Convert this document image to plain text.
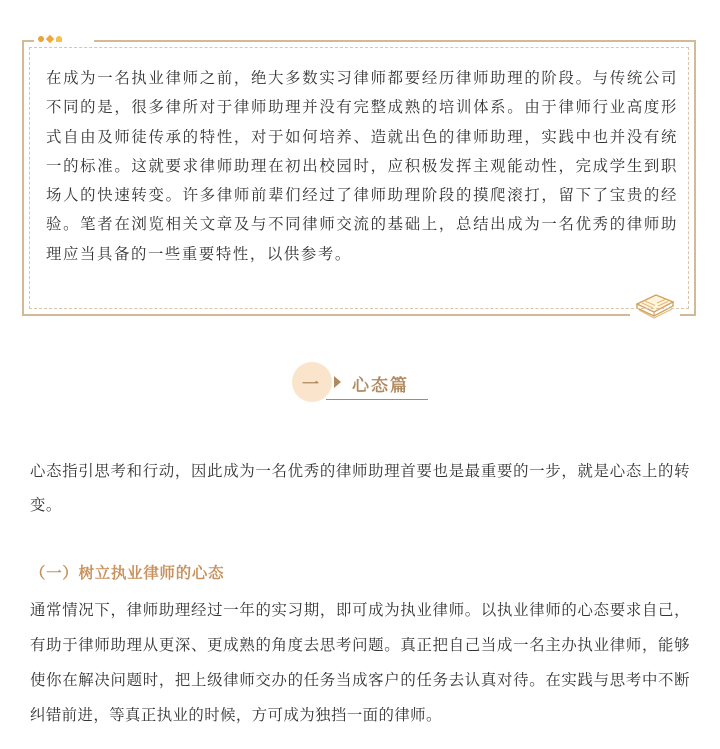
在成为一名执业律师之前，绝大多数实习律师都要经历律师助理的阶段。与传统公司不同的是，很多律所对于律师助理并没有完整成熟的培训体系。由于律师行业高度形式自由及师徒传承的特性，对于如何培养、造就出色的律师助理，实践中也并没有统一的标准。这就要求律师助理在初出校园时，应积极发挥主观能动性，完成学生到职场人的快速转变。许多律师前辈们经过了律师助理阶段的摸爬滚打，留下了宝贵的经验。笔者在浏览相关文章及与不同律师交流的基础上，总结出成为一名优秀的律师助理应当具备的一些重要特性，以供参考。

一 心态篇

心态指引思考和行动，因此成为一名优秀的律师助理首要也是最重要的一步，就是心态上的转变。

（一）树立执业律师的心态

通常情况下，律师助理经过一年的实习期，即可成为执业律师。以执业律师的心态要求自己，有助于律师助理从更深、更成熟的角度去思考问题。真正把自己当成一名主办执业律师，能够使你在解决问题时，把上级律师交办的任务当成客户的任务去认真对待。在实践与思考中不断纠错前进，等真正执业的时候，方可成为独挡一面的律师。
